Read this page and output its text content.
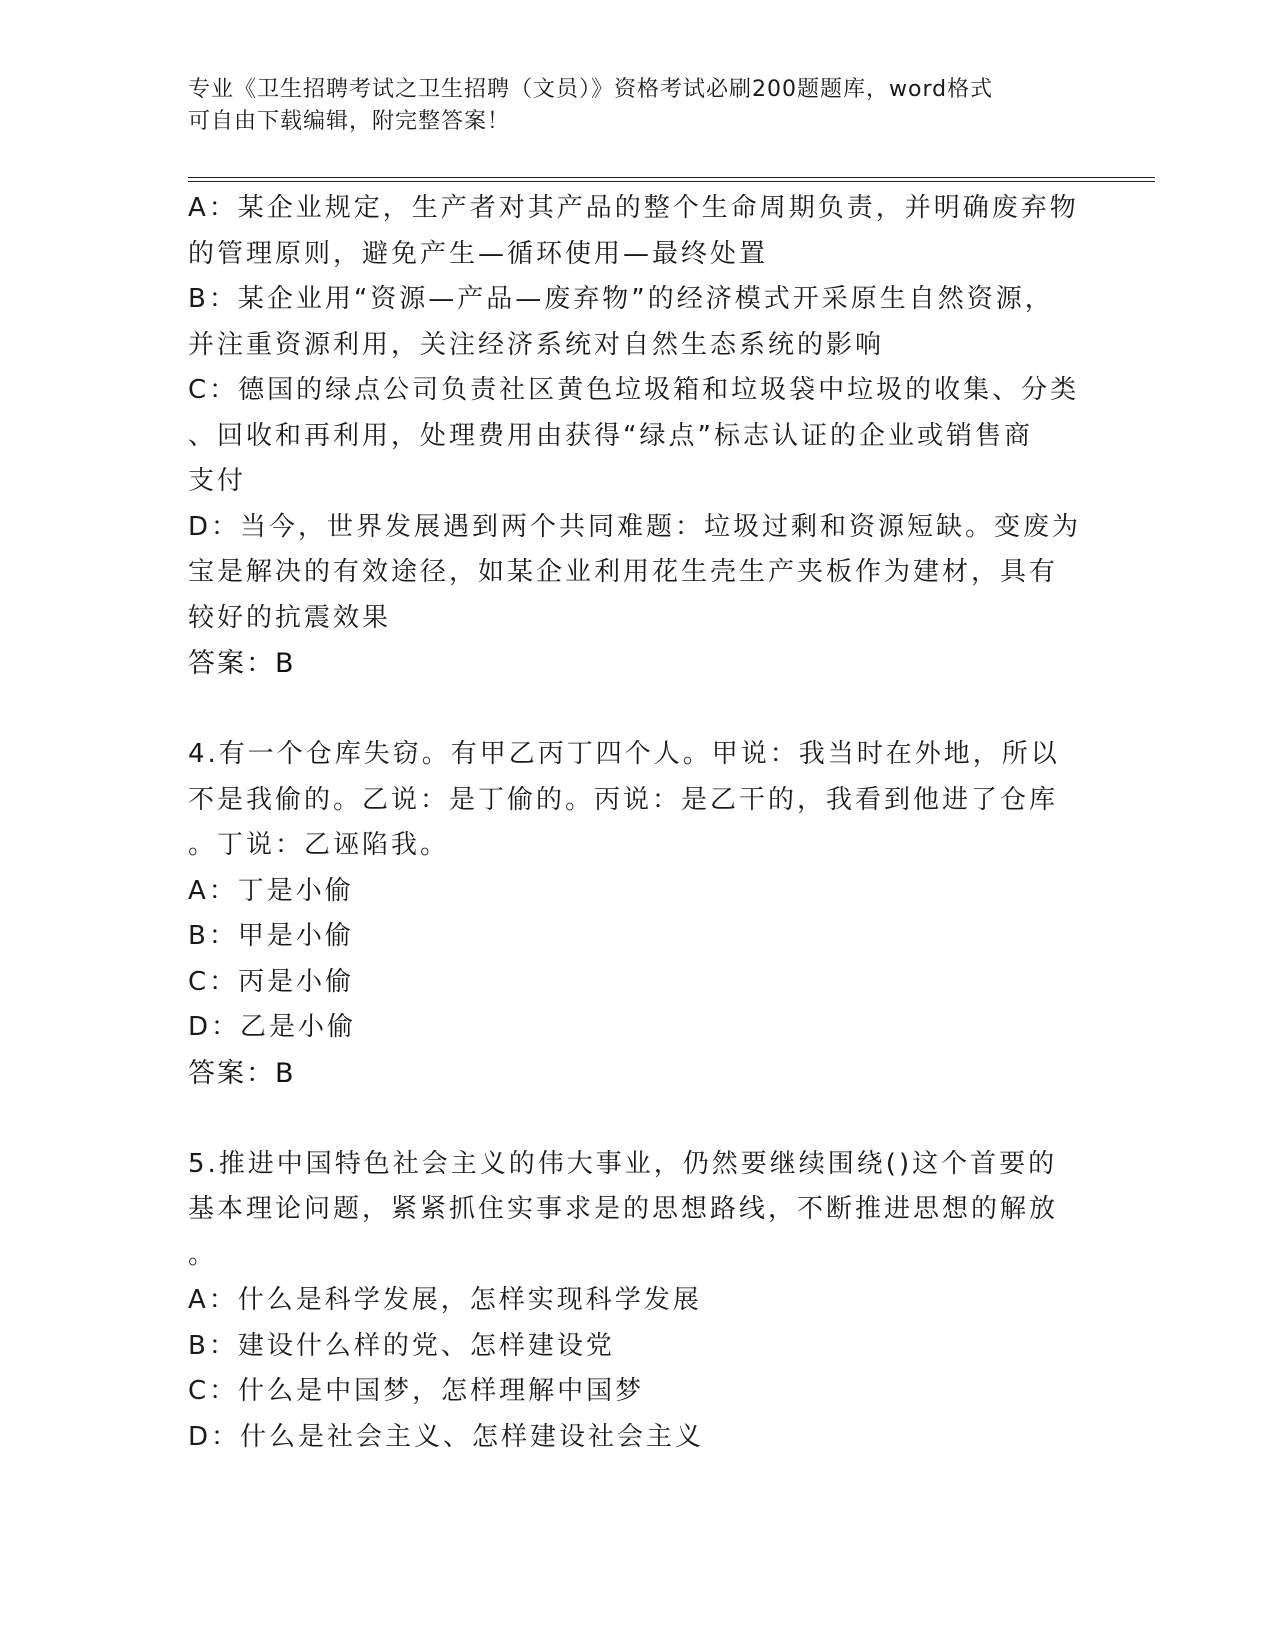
专业《卫生招聘考试之卫生招聘（文员）》资格考试必刷200题题库，word格式
可自由下载编辑，附完整答案！
A：某企业规定，生产者对其产品的整个生命周期负责，并明确废弃物
的管理原则，避免产生—循环使用—最终处置
B：某企业用“资源—产品—废弃物”的经济模式开采原生自然资源，
并注重资源利用，关注经济系统对自然生态系统的影响
C：德国的绿点公司负责社区黄色垃圾箱和垃圾袋中垃圾的收集、分类
、回收和再利用，处理费用由获得“绿点”标志认证的企业或销售商
支付
D：当今，世界发展遇到两个共同难题：垃圾过剩和资源短缺。变废为
宝是解决的有效途径，如某企业利用花生壳生产夹板作为建材，具有
较好的抗震效果
答案：B
4.有一个仓库失窃。有甲乙丙丁四个人。甲说：我当时在外地，所以
不是我偷的。乙说：是丁偷的。丙说：是乙干的，我看到他进了仓库
。丁说：乙诬陷我。
A：丁是小偷
B：甲是小偷
C：丙是小偷
D：乙是小偷
答案：B
5.推进中国特色社会主义的伟大事业，仍然要继续围绕()这个首要的
基本理论问题，紧紧抓住实事求是的思想路线，不断推进思想的解放
。
A：什么是科学发展，怎样实现科学发展
B：建设什么样的党、怎样建设党
C：什么是中国梦，怎样理解中国梦
D：什么是社会主义、怎样建设社会主义
